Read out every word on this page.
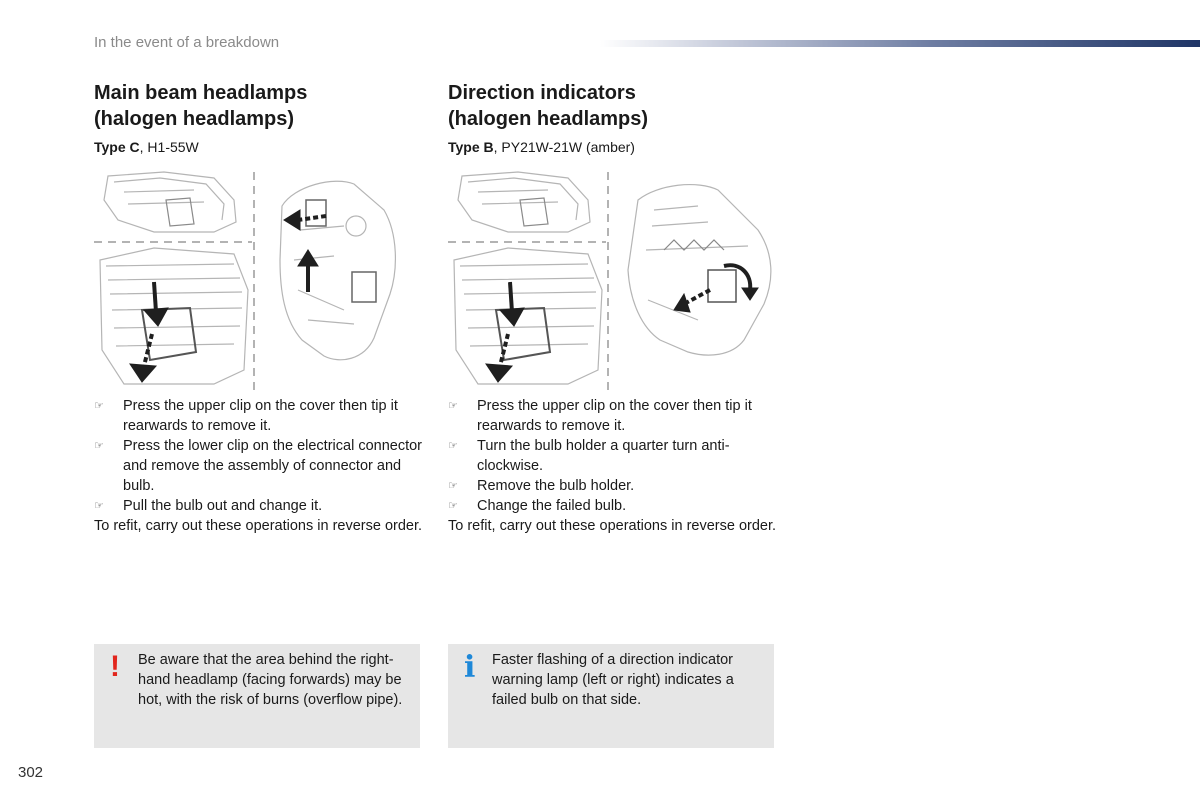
In the event of a breakdown
Main beam headlamps
(halogen headlamps)
Type C, H1-55W
☞ Press the upper clip on the cover then tip it rearwards to remove it.
☞ Press the lower clip on the electrical connector and remove the assembly of connector and bulb.
☞ Pull the bulb out and change it.
To refit, carry out these operations in reverse order.
Direction indicators
(halogen headlamps)
Type B, PY21W-21W (amber)
☞ Press the upper clip on the cover then tip it rearwards to remove it.
☞ Turn the bulb holder a quarter turn anti-clockwise.
☞ Remove the bulb holder.
☞ Change the failed bulb.
To refit, carry out these operations in reverse order.
! Be aware that the area behind the right-hand headlamp (facing forwards) may be hot, with the risk of burns (overflow pipe).
i Faster flashing of a direction indicator warning lamp (left or right) indicates a failed bulb on that side.
302
